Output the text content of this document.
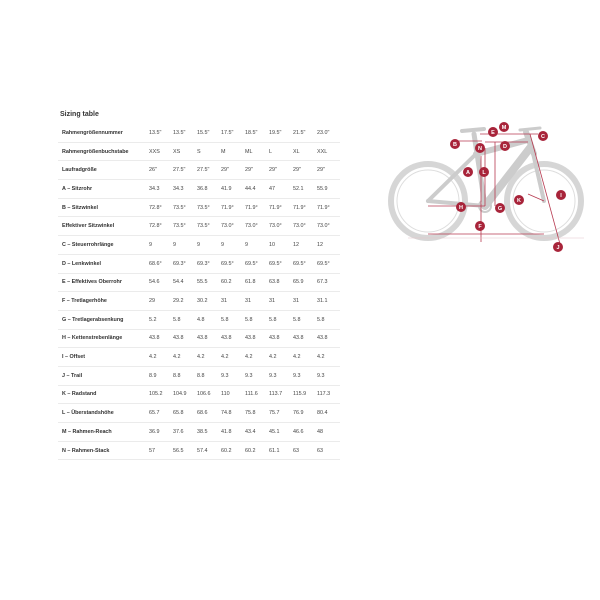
Sizing table
Rahmengrößennummer	13.5"	13.5"	15.5"	17.5"	18.5"	19.5"	21.5"	23.0"
Rahmengrößenbuchstabe	XXS	XS	S	M	ML	L	XL	XXL
Laufradgröße	26"	27.5"	27.5"	29"	29"	29"	29"	29"
A – Sitzrohr	34.3	34.3	36.8	41.9	44.4	47	52.1	55.9
B – Sitzwinkel	72.8°	73.5°	73.5°	71.9°	71.9°	71.9°	71.9°	71.9°
Effektiver Sitzwinkel	72.8°	73.5°	73.5°	73.0°	73.0°	73.0°	73.0°	73.0°
C – Steuerrohrlänge	9	9	9	9	9	10	12	12
D – Lenkwinkel	68.6°	69.3°	69.3°	69.5°	69.5°	69.5°	69.5°	69.5°
E – Effektives Oberrohr	54.6	54.4	55.5	60.2	61.8	63.8	65.9	67.3
F – Tretlagerhöhe	29	29.2	30.2	31	31	31	31	31.1
G – Tretlagerabsenkung	5.2	5.8	4.8	5.8	5.8	5.8	5.8	5.8
H – Kettenstrebenlänge	43.8	43.8	43.8	43.8	43.8	43.8	43.8	43.8
I – Offset	4.2	4.2	4.2	4.2	4.2	4.2	4.2	4.2
J – Trail	8.9	8.8	8.8	9.3	9.3	9.3	9.3	9.3
K – Radstand	105.2	104.9	106.6	110	111.6	113.7	115.9	117.3
L – Überstandshöhe	65.7	65.8	68.6	74.8	75.8	75.7	76.9	80.4
M – Rahmen-Reach	36.9	37.6	38.5	41.8	43.4	45.1	46.6	48
N – Rahmen-Stack	57	56.5	57.4	60.2	60.2	61.1	63	63
A
B
C
D
E
F
G
H
I
J
K
L
M
N
